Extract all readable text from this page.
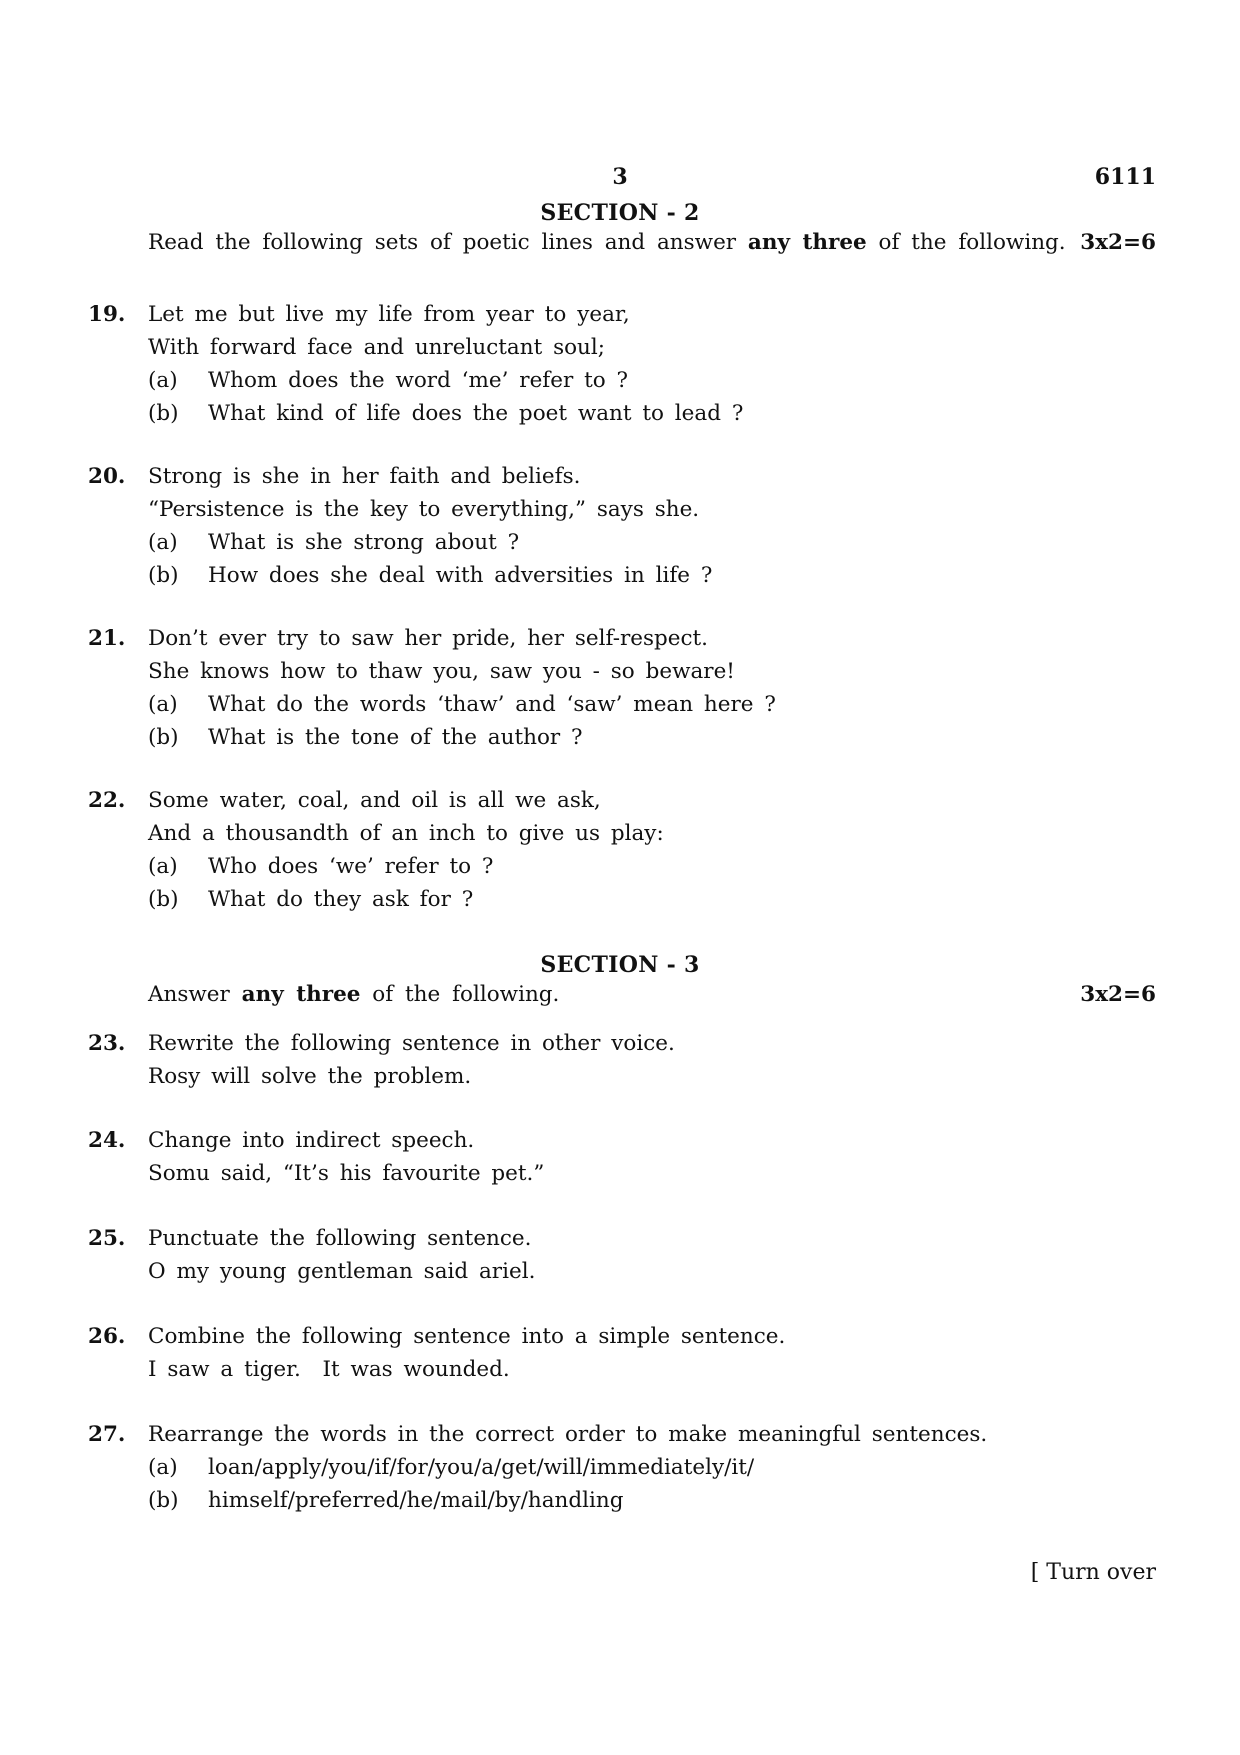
3	6111
SECTION - 2
Read the following sets of poetic lines and answer any three of the following. 3x2=6
19. Let me but live my life from year to year,
With forward face and unreluctant soul;
(a) Whom does the word ‘me’ refer to ?
(b) What kind of life does the poet want to lead ?
20. Strong is she in her faith and beliefs.
“Persistence is the key to everything,” says she.
(a) What is she strong about ?
(b) How does she deal with adversities in life ?
21. Don’t ever try to saw her pride, her self-respect.
She knows how to thaw you, saw you - so beware!
(a) What do the words ‘thaw’ and ‘saw’ mean here ?
(b) What is the tone of the author ?
22. Some water, coal, and oil is all we ask,
And a thousandth of an inch to give us play:
(a) Who does ‘we’ refer to ?
(b) What do they ask for ?
SECTION - 3
Answer any three of the following.	3x2=6
23. Rewrite the following sentence in other voice.
Rosy will solve the problem.
24. Change into indirect speech.
Somu said, “It’s his favourite pet.”
25. Punctuate the following sentence.
O my young gentleman said ariel.
26. Combine the following sentence into a simple sentence.
I saw a tiger.  It was wounded.
27. Rearrange the words in the correct order to make meaningful sentences.
(a) loan/apply/you/if/for/you/a/get/will/immediately/it/
(b) himself/preferred/he/mail/by/handling
[ Turn over
